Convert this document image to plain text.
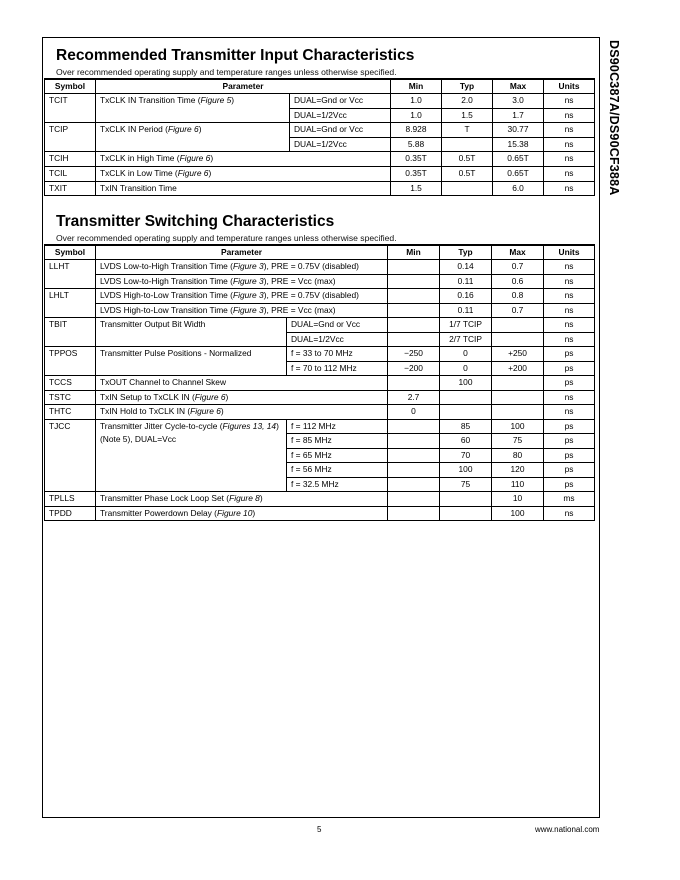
Recommended Transmitter Input Characteristics
Over recommended operating supply and temperature ranges unless otherwise specified.
Symbol	Parameter		Min	Typ	Max	Units
TCIT	TxCLK IN Transition Time (Figure 5)	DUAL=Gnd or Vcc	1.0	2.0	3.0	ns
		DUAL=1/2Vcc	1.0	1.5	1.7	ns
TCIP	TxCLK IN Period (Figure 6)	DUAL=Gnd or Vcc	8.928	T	30.77	ns
		DUAL=1/2Vcc	5.88		15.38	ns
TCIH	TxCLK in High Time (Figure 6)		0.35T	0.5T	0.65T	ns
TCIL	TxCLK in Low Time (Figure 6)		0.35T	0.5T	0.65T	ns
TXIT	TxIN Transition Time		1.5		6.0	ns
Transmitter Switching Characteristics
Over recommended operating supply and temperature ranges unless otherwise specified.
Symbol	Parameter		Min	Typ	Max	Units
LLHT	LVDS Low-to-High Transition Time (Figure 3), PRE = 0.75V (disabled)			0.14	0.7	ns
	LVDS Low-to-High Transition Time (Figure 3), PRE = Vcc (max)			0.11	0.6	ns
LHLT	LVDS High-to-Low Transition Time (Figure 3), PRE = 0.75V (disabled)			0.16	0.8	ns
	LVDS High-to-Low Transition Time (Figure 3), PRE = Vcc (max)			0.11	0.7	ns
TBIT	Transmitter Output Bit Width	DUAL=Gnd or Vcc		1/7 TCIP		ns
		DUAL=1/2Vcc		2/7 TCIP		ns
TPPOS	Transmitter Pulse Positions - Normalized	f = 33 to 70 MHz	−250	0	+250	ps
		f = 70 to 112 MHz	−200	0	+200	ps
TCCS	TxOUT Channel to Channel Skew			100		ps
TSTC	TxIN Setup to TxCLK IN (Figure 6)		2.7			ns
THTC	TxIN Hold to TxCLK IN (Figure 6)		0			ns
TJCC	Transmitter Jitter Cycle-to-cycle (Figures 13, 14) (Note 5), DUAL=Vcc	f = 112 MHz		85	100	ps
		f = 85 MHz		60	75	ps
		f = 65 MHz		70	80	ps
		f = 56 MHz		100	120	ps
		f = 32.5 MHz		75	110	ps
TPLLS	Transmitter Phase Lock Loop Set (Figure 8)				10	ms
TPDD	Transmitter Powerdown Delay (Figure 10)				100	ns
DS90C387A/DS90CF388A
5	www.national.com
